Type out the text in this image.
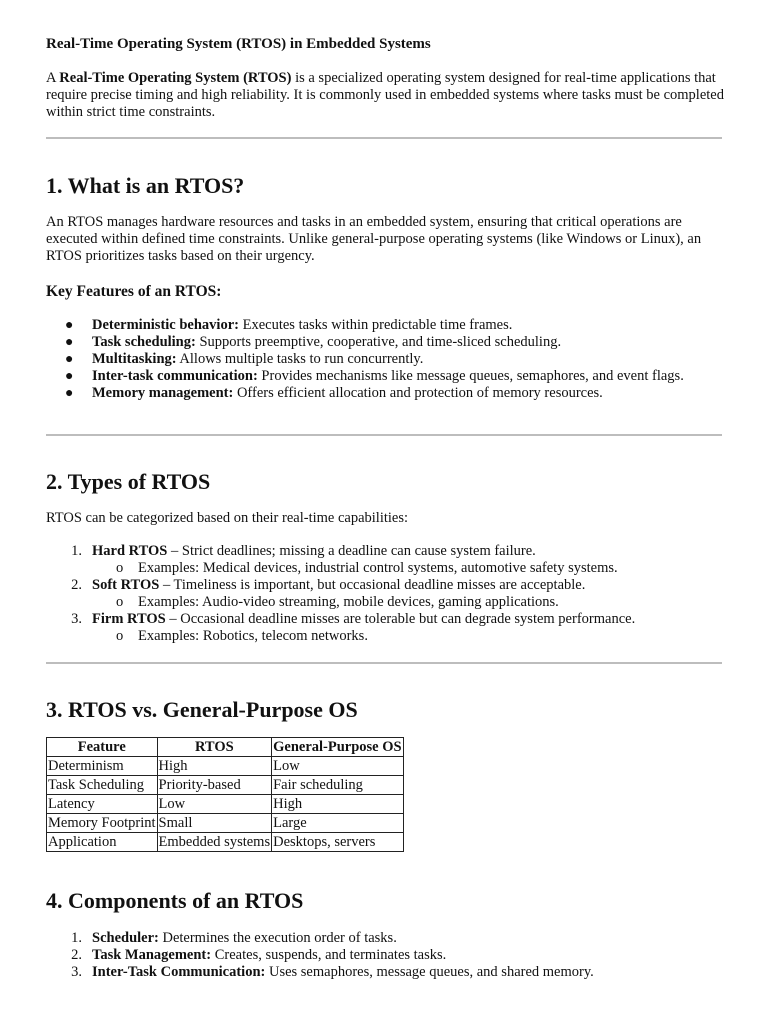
Real-Time Operating System (RTOS) in Embedded Systems

A Real-Time Operating System (RTOS) is a specialized operating system designed for real-time applications that require precise timing and high reliability. It is commonly used in embedded systems where tasks must be completed within strict time constraints.

1. What is an RTOS?

An RTOS manages hardware resources and tasks in an embedded system, ensuring that critical operations are executed within defined time constraints. Unlike general-purpose operating systems (like Windows or Linux), an RTOS prioritizes tasks based on their urgency.

Key Features of an RTOS:
● Deterministic behavior: Executes tasks within predictable time frames.
● Task scheduling: Supports preemptive, cooperative, and time-sliced scheduling.
● Multitasking: Allows multiple tasks to run concurrently.
● Inter-task communication: Provides mechanisms like message queues, semaphores, and event flags.
● Memory management: Offers efficient allocation and protection of memory resources.
2. Types of RTOS

RTOS can be categorized based on their real-time capabilities:

1. Hard RTOS – Strict deadlines; missing a deadline can cause system failure.
o Examples: Medical devices, industrial control systems, automotive safety systems.
2. Soft RTOS – Timeliness is important, but occasional deadline misses are acceptable.
o Examples: Audio-video streaming, mobile devices, gaming applications.
3. Firm RTOS – Occasional deadline misses are tolerable but can degrade system performance.
o Examples: Robotics, telecom networks.
3. RTOS vs. General-Purpose OS
Feature	RTOS	General-Purpose OS
Determinism	High	Low
Task Scheduling	Priority-based	Fair scheduling
Latency	Low	High
Memory Footprint	Small	Large
Application	Embedded systems	Desktops, servers
4. Components of an RTOS
1. Scheduler: Determines the execution order of tasks.
2. Task Management: Creates, suspends, and terminates tasks.
3. Inter-Task Communication: Uses semaphores, message queues, and shared memory.
